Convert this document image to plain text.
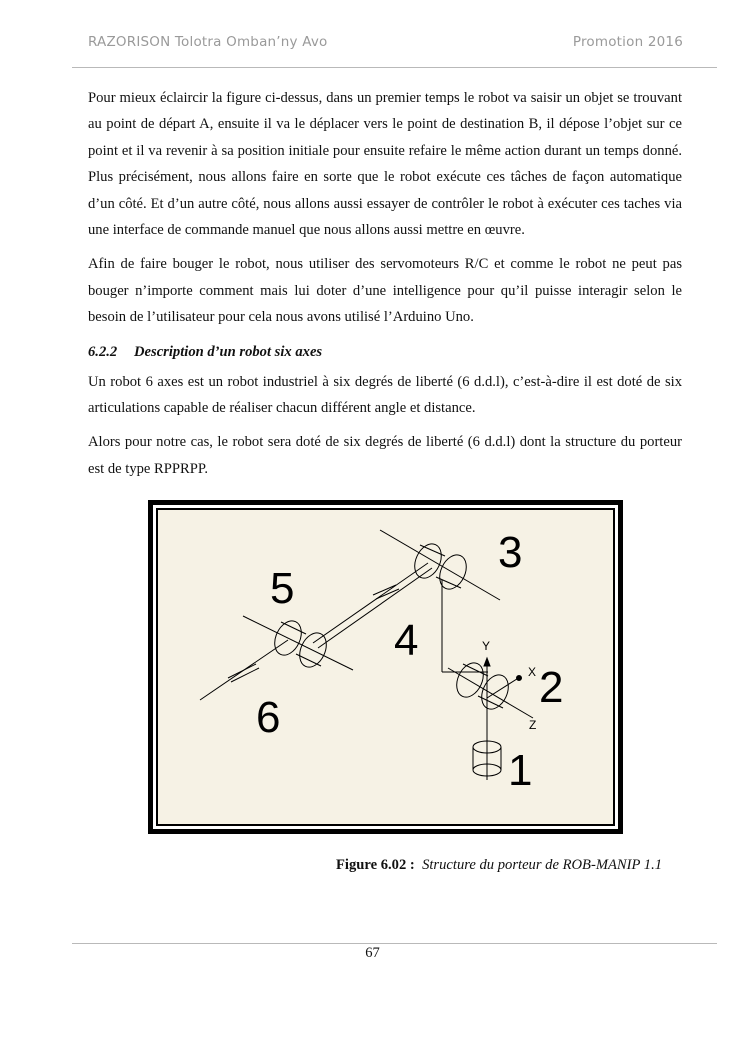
RAZORISON Tolotra Omban’ny Avo	Promotion 2016

Pour mieux éclaircir la figure ci-dessus, dans un premier temps le robot va saisir un objet se trouvant au point de départ A, ensuite il va le déplacer vers le point de destination B, il dépose l’objet sur ce point et il va revenir à sa position initiale pour ensuite refaire le même action durant un temps donné. Plus précisément, nous allons faire en sorte que le robot exécute ces tâches de façon automatique d’un côté. Et d’un autre côté, nous allons aussi essayer de contrôler le robot à exécuter ces taches via une interface de commande manuel que nous allons aussi mettre en œuvre.

Afin de faire bouger le robot, nous utiliser des servomoteurs R/C et comme le robot ne peut pas bouger n’importe comment mais lui doter d’une intelligence pour qu’il puisse interagir selon le besoin de l’utilisateur pour cela nous avons utilisé l’Arduino Uno.

6.2.2 Description d’un robot six axes

Un robot 6 axes est un robot industriel à six degrés de liberté (6 d.d.l), c’est-à-dire il est doté de six articulations capable de réaliser chacun différent angle et distance.

Alors pour notre cas, le robot sera doté de six degrés de liberté (6 d.d.l) dont la structure du porteur est de type RPPRPP.

3
5
4
2
6
1
Y
X
Z
Figure 6.02 : Structure du porteur de ROB-MANIP 1.1
67
